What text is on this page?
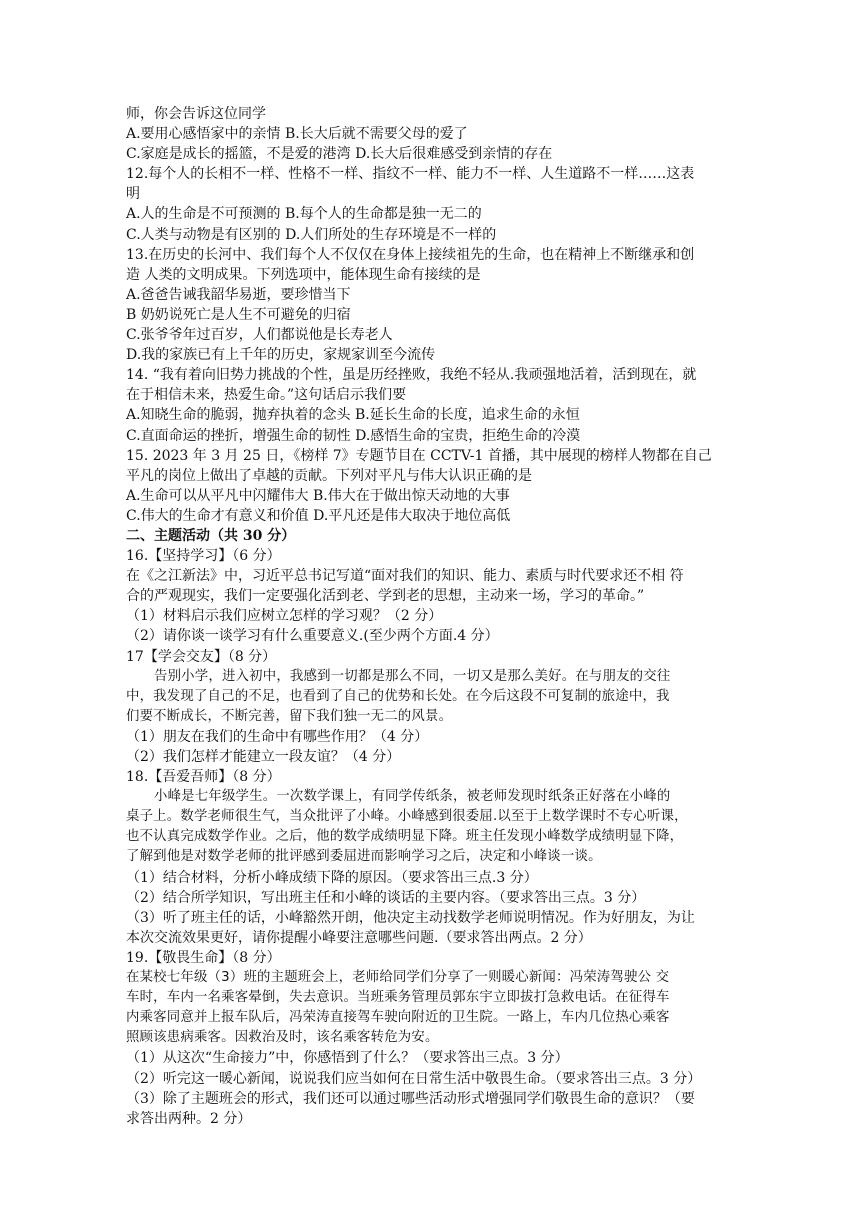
师，你会告诉这位同学
A.要用心感悟家中的亲情 B.长大后就不需要父母的爱了
C.家庭是成长的摇篮，不是爱的港湾 D.长大后很难感受到亲情的存在
12.每个人的长相不一样、性格不一样、指纹不一样、能力不一样、人生道路不一样……这表
明
A.人的生命是不可预测的 B.每个人的生命都是独一无二的
C.人类与动物是有区别的 D.人们所处的生存环境是不一样的
13.在历史的长河中、我们每个人不仅仅在身体上接续祖先的生命，也在精神上不断继承和创
造 人类的文明成果。下列选项中，能体现生命有接续的是
A.爸爸告诫我韶华易逝，要珍惜当下
B 奶奶说死亡是人生不可避免的归宿
C.张爷爷年过百岁，人们都说他是长寿老人
D.我的家族已有上千年的历史，家规家训至今流传
14. “我有着向旧势力挑战的个性，虽是历经挫败，我绝不轻从.我顽强地活着，活到现在，就
在于相信未来，热爱生命。”这句话启示我们要
A.知晓生命的脆弱，抛弃执着的念头 B.延长生命的长度，追求生命的永恒
C.直面命运的挫折，增强生命的韧性 D.感悟生命的宝贵，拒绝生命的冷漠
15. 2023 年 3 月 25 日，《榜样 7》专题节目在 CCTV-1 首播，其中展现的榜样人物都在自己
平凡的岗位上做出了卓越的贡献。下列对平凡与伟大认识正确的是
A.生命可以从平凡中闪耀伟大 B.伟大在于做出惊天动地的大事
C.伟大的生命才有意义和价值 D.平凡还是伟大取决于地位高低
二、主题活动（共 30 分）
16.【坚持学习】（6 分）
在《之江新法》中，习近平总书记写道“面对我们的知识、能力、素质与时代要求还不相 符
合的严观现实，我们一定要强化活到老、学到老的思想，主动来一场，学习的革命。”
（1）材料启示我们应树立怎样的学习观？（2 分）
（2）请你谈一谈学习有什么重要意义.(至少两个方面.4 分）
17【学会交友】（8 分）
告别小学，进入初中，我感到一切都是那么不同，一切又是那么美好。在与朋友的交往
中，我发现了自己的不足，也看到了自己的优势和长处。在今后这段不可复制的旅途中，我
们要不断成长，不断完善，留下我们独一无二的风景。
（1）朋友在我们的生命中有哪些作用？（4 分）
（2）我们怎样才能建立一段友谊？（4 分）
18.【吾爱吾师】（8 分）
小峰是七年级学生。一次数学课上，有同学传纸条，被老师发现时纸条正好落在小峰的
桌子上。数学老师很生气，当众批评了小峰。小峰感到很委屈.以至于上数学课时不专心听课，
也不认真完成数学作业。之后，他的数学成绩明显下降。班主任发现小峰数学成绩明显下降，
了解到他是对数学老师的批评感到委屈进而影响学习之后，决定和小峰谈一谈。
（1）结合材料，分析小峰成绩下降的原因。（要求答出三点.3 分）
（2）结合所学知识，写出班主任和小峰的谈话的主要内容。（要求答出三点。3 分）
（3）听了班主任的话，小峰豁然开朗，他决定主动找数学老师说明情况。作为好朋友，为让
本次交流效果更好，请你提醒小峰要注意哪些问题.（要求答出两点。2 分）
19.【敬畏生命】（8 分）
在某校七年级（3）班的主题班会上，老师给同学们分享了一则暖心新闻：冯荣涛驾驶公 交
车时，车内一名乘客晕倒，失去意识。当班乘务管理员郭东宇立即拔打急救电话。在征得车
内乘客同意并上报车队后，冯荣涛直接驾车驶向附近的卫生院。一路上，车内几位热心乘客
照顾该患病乘客。因救治及时，该名乘客转危为安。
（1）从这次“生命接力”中，你感悟到了什么？（要求答出三点。3 分）
（2）听完这一暖心新闻，说说我们应当如何在日常生活中敬畏生命。（要求答出三点。3 分）
（3）除了主题班会的形式，我们还可以通过哪些活动形式增强同学们敬畏生命的意识？（要
求答出两种。2 分）
